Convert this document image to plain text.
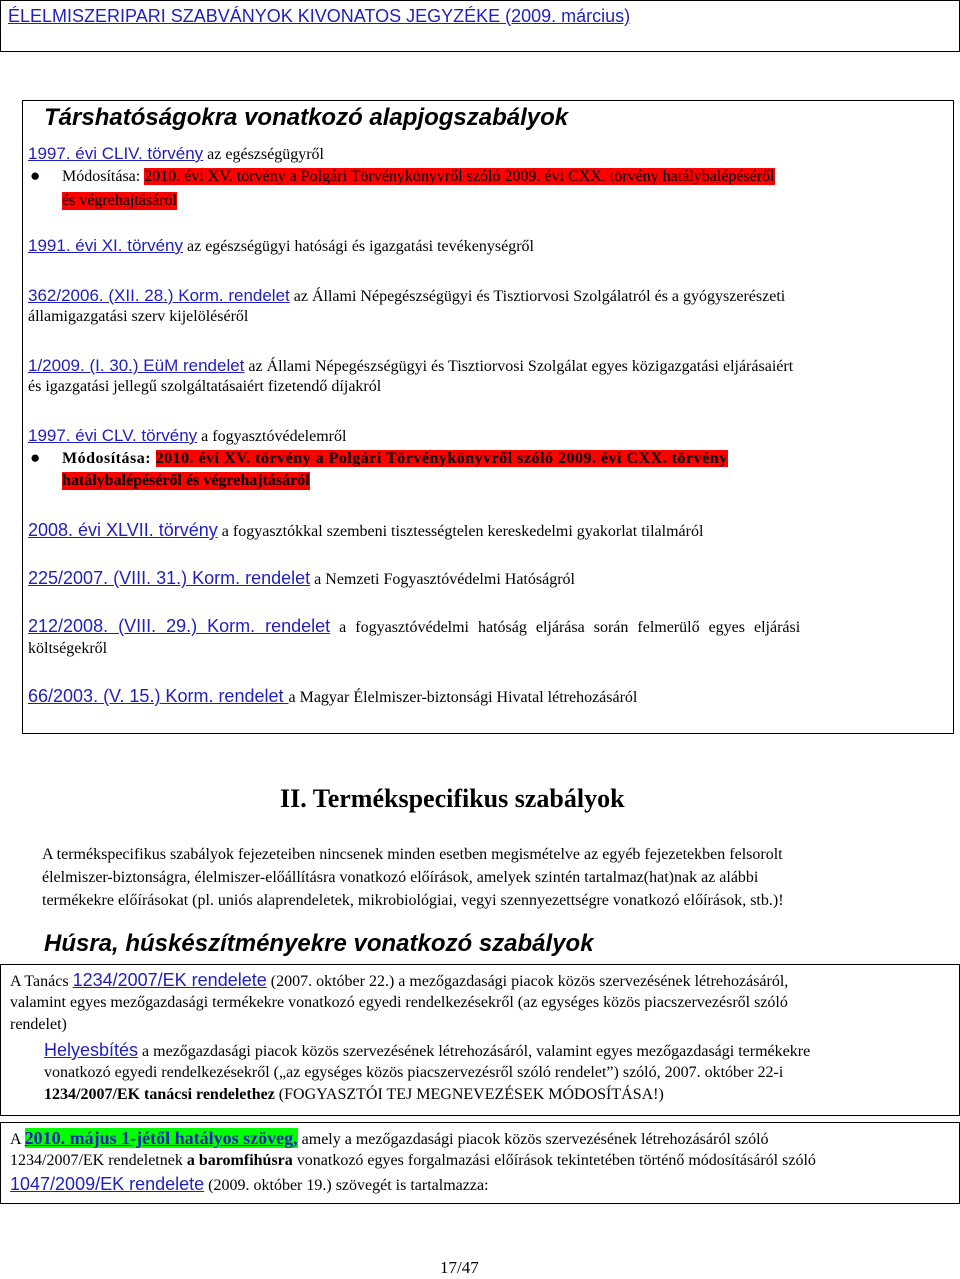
ÉLELMISZERIPARI SZABVÁNYOK KIVONATOS JEGYZÉKE (2009. március)
Társhatóságokra vonatkozó alapjogszabályok
1997. évi CLIV. törvény az egészségügyről
● Módosítása: 2010. évi XV. törvény a Polgári Törvénykönyvről szóló 2009. évi CXX. törvény hatálybalépéséről
és végrehajtásáról
1991. évi XI. törvény az egészségügyi hatósági és igazgatási tevékenységről
362/2006. (XII. 28.) Korm. rendelet az Állami Népegészségügyi és Tisztiorvosi Szolgálatról és a gyógyszerészeti
államigazgatási szerv kijelöléséről
1/2009. (I. 30.) EüM rendelet az Állami Népegészségügyi és Tisztiorvosi Szolgálat egyes közigazgatási eljárásaiért
és igazgatási jellegű szolgáltatásaiért fizetendő díjakról
1997. évi CLV. törvény a fogyasztóvédelemről
● Módosítása: 2010. évi XV. törvény a Polgári Törvénykönyvről szóló 2009. évi CXX. törvény
hatálybalépéséről és végrehajtásáról
2008. évi XLVII. törvény a fogyasztókkal szembeni tisztességtelen kereskedelmi gyakorlat tilalmáról
225/2007. (VIII. 31.) Korm. rendelet a Nemzeti Fogyasztóvédelmi Hatóságról
212/2008. (VIII. 29.) Korm. rendelet a fogyasztóvédelmi hatóság eljárása során felmerülő egyes eljárási
költségekről
66/2003. (V. 15.) Korm. rendelet a Magyar Élelmiszer-biztonsági Hivatal létrehozásáról
II. Termékspecifikus szabályok
A termékspecifikus szabályok fejezeteiben nincsenek minden esetben megismételve az egyéb fejezetekben felsorolt
élelmiszer-biztonságra, élelmiszer-előállításra vonatkozó előírások, amelyek szintén tartalmaz(hat)nak az alábbi
termékekre előírásokat (pl. uniós alaprendeletek, mikrobiológiai, vegyi szennyezettségre vonatkozó előírások, stb.)!
Húsra, húskészítményekre vonatkozó szabályok
A Tanács 1234/2007/EK rendelete (2007. október 22.) a mezőgazdasági piacok közös szervezésének létrehozásáról,
valamint egyes mezőgazdasági termékekre vonatkozó egyedi rendelkezésekről (az egységes közös piacszervezésről szóló
rendelet)
Helyesbítés a mezőgazdasági piacok közös szervezésének létrehozásáról, valamint egyes mezőgazdasági termékekre
vonatkozó egyedi rendelkezésekről („az egységes közös piacszervezésről szóló rendelet”) szóló, 2007. október 22-i
1234/2007/EK tanácsi rendelethez (FOGYASZTÓI TEJ MEGNEVEZÉSEK MÓDOSÍTÁSA!)
A 2010. május 1-jétől hatályos szöveg, amely a mezőgazdasági piacok közös szervezésének létrehozásáról szóló
1234/2007/EK rendeletnek a baromfihúsra vonatkozó egyes forgalmazási előírások tekintetében történő módosításáról szóló
1047/2009/EK rendelete (2009. október 19.) szövegét is tartalmazza:
17/47
